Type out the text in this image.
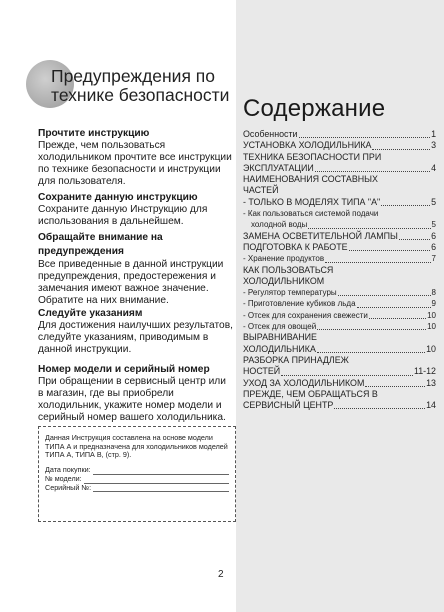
Предупреждения по
технике безопасности
Прочтите инструкцию
Прежде, чем пользоваться холодильником прочтите все инструкции по технике безопасности и инструкции для пользователя.
Сохраните данную инструкцию
Сохраните данную Инструкцию для использования в дальнейшем.
Обращайте внимание на предупреждения
Все приведенные в данной инструкции предупреждения, предостережения и замечания имеют важное значение. Обратите на них внимание.
Следуйте указаниям
Для достижения наилучших результатов, следуйте указаниям, приводимым в данной инструкции.
Номер модели и серийный номер
При обращении в сервисный центр или в магазин, где вы приобрели холодильник, укажите номер модели и серийный номер вашего холодильника.
Данная Инструкция составлена на основе модели ТИПА А и предназначена для холодильников моделей ТИПА А, ТИПА В, (стр. 9).
Дата покупки:
№ модели:
Серийный №:
Содержание
Особенности	1
УСТАНОВКА ХОЛОДИЛЬНИКА	3
ТЕХНИКА БЕЗОПАСНОСТИ ПРИ
ЭКСПЛУАТАЦИИ	4
НАИМЕНОВАНИЯ СОСТАВНЫХ
ЧАСТЕЙ
- ТОЛЬКО В МОДЕЛЯХ ТИПА "А"	5
- Как пользоваться системой подачи
холодной воды	5
ЗАМЕНА ОСВЕТИТЕЛЬНОЙ ЛАМПЫ	6
ПОДГОТОВКА К РАБОТЕ	6
- Хранение продуктов	7
КАК ПОЛЬЗОВАТЬСЯ
ХОЛОДИЛЬНИКОМ
- Регулятор температуры	8
- Приготовление кубиков льда	9
- Отсек для сохранения свежести	10
- Отсек для овощей	10
ВЫРАВНИВАНИЕ
ХОЛОДИЛЬНИКА	10
РАЗБОРКА ПРИНАДЛЕЖ
НОСТЕЙ	11-12
УХОД ЗА ХОЛОДИЛЬНИКОМ	13
ПРЕЖДЕ, ЧЕМ ОБРАЩАТЬСЯ В
СЕРВИСНЫЙ ЦЕНТР	14
2
